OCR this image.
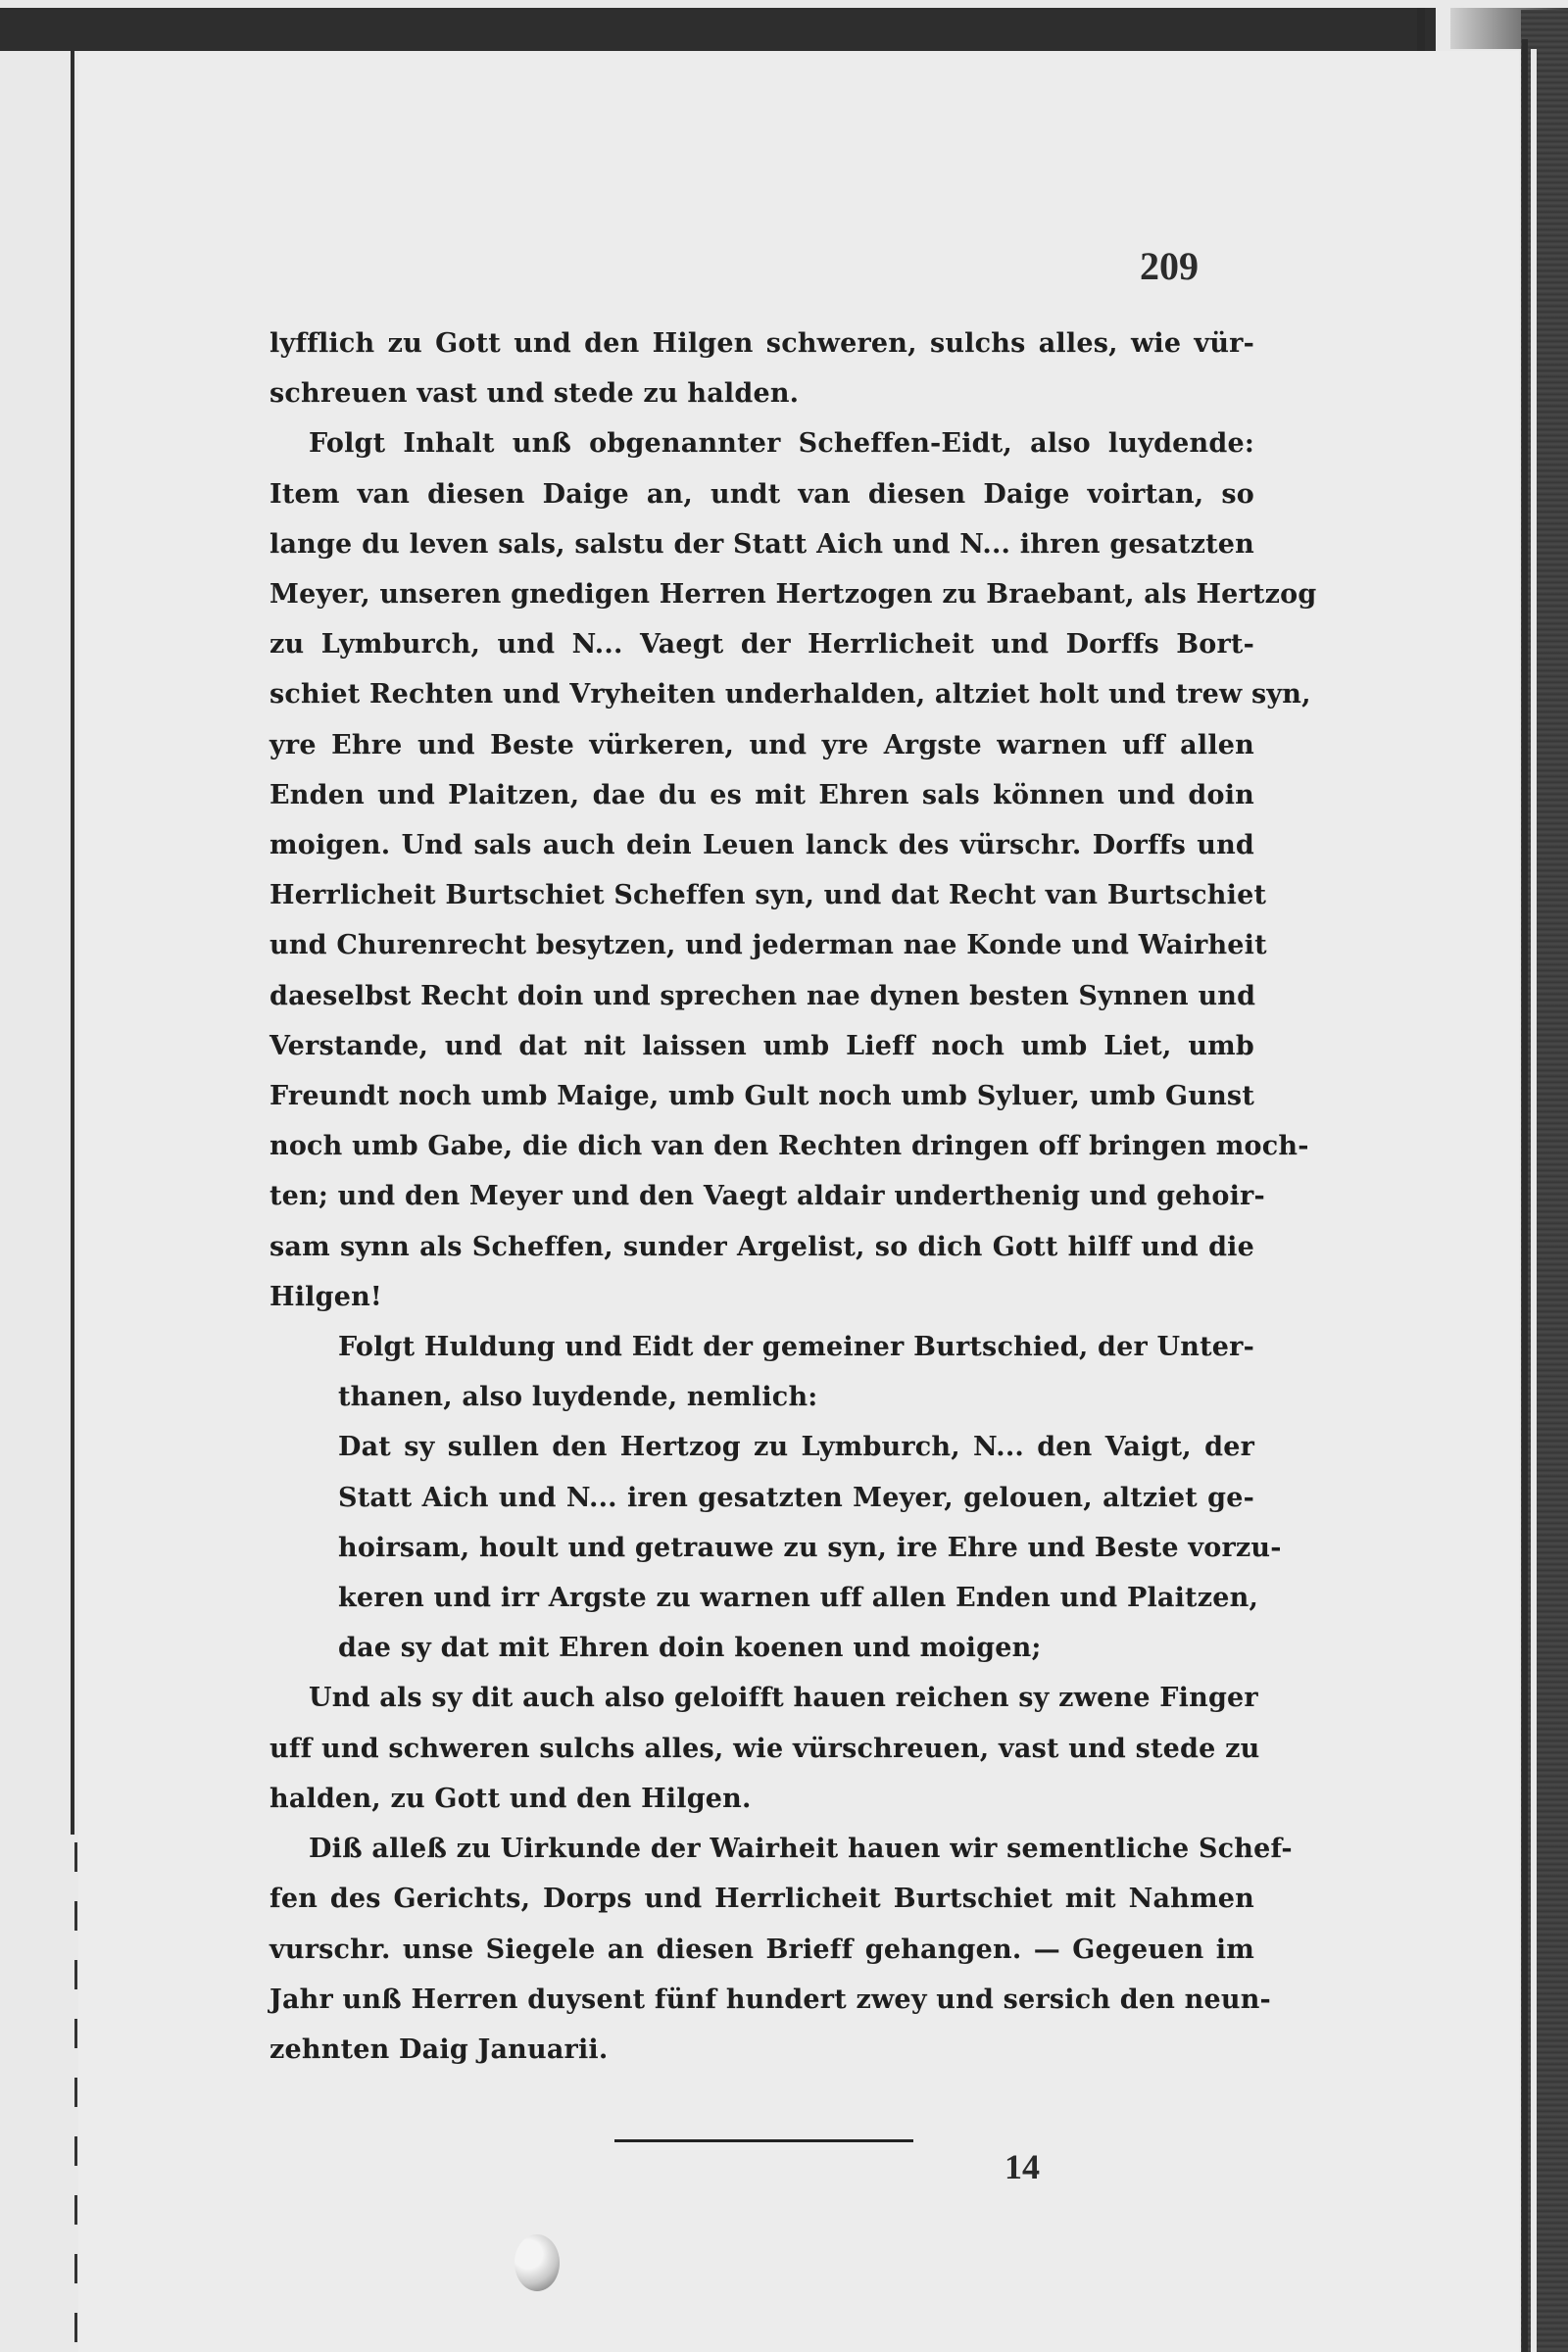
209
lyfflich zu Gott und den Hilgen schweren, sulchs alles, wie vür-
schreuen vast und stede zu halden.
Folgt Inhalt unß obgenannter Scheffen-Eidt, also luydende:
Item van diesen Daige an, undt van diesen Daige voirtan, so
lange du leven sals, salstu der Statt Aich und N... ihren gesatzten
Meyer, unseren gnedigen Herren Hertzogen zu Braebant, als Hertzog
zu Lymburch, und N... Vaegt der Herrlicheit und Dorffs Bort-
schiet Rechten und Vryheiten underhalden, altziet holt und trew syn,
yre Ehre und Beste vürkeren, und yre Argste warnen uff allen
Enden und Plaitzen, dae du es mit Ehren sals können und doin
moigen. Und sals auch dein Leuen lanck des vürschr. Dorffs und
Herrlicheit Burtschiet Scheffen syn, und dat Recht van Burtschiet
und Churenrecht besytzen, und jederman nae Konde und Wairheit
daeselbst Recht doin und sprechen nae dynen besten Synnen und
Verstande, und dat nit laissen umb Lieff noch umb Liet, umb
Freundt noch umb Maige, umb Gult noch umb Syluer, umb Gunst
noch umb Gabe, die dich van den Rechten dringen off bringen moch-
ten; und den Meyer und den Vaegt aldair underthenig und gehoir-
sam synn als Scheffen, sunder Argelist, so dich Gott hilff und die
Hilgen!
Folgt Huldung und Eidt der gemeiner Burtschied, der Unter-
thanen, also luydende, nemlich:
Dat sy sullen den Hertzog zu Lymburch, N... den Vaigt, der
Statt Aich und N... iren gesatzten Meyer, gelouen, altziet ge-
hoirsam, hoult und getrauwe zu syn, ire Ehre und Beste vorzu-
keren und irr Argste zu warnen uff allen Enden und Plaitzen,
dae sy dat mit Ehren doin koenen und moigen;
Und als sy dit auch also geloifft hauen reichen sy zwene Finger
uff und schweren sulchs alles, wie vürschreuen, vast und stede zu
halden, zu Gott und den Hilgen.
Diß alleß zu Uirkunde der Wairheit hauen wir sementliche Schef-
fen des Gerichts, Dorps und Herrlicheit Burtschiet mit Nahmen
vurschr. unse Siegele an diesen Brieff gehangen. — Gegeuen im
Jahr unß Herren duysent fünf hundert zwey und sersich den neun-
zehnten Daig Januarii.
14
